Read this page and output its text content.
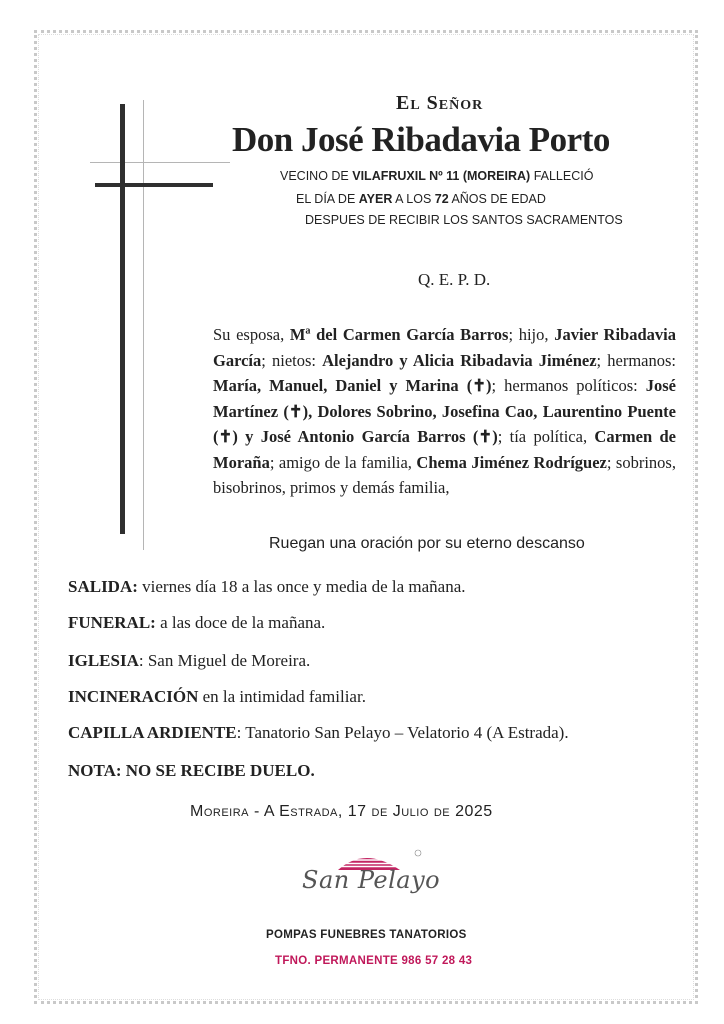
El Señor
Don José Ribadavia Porto
VECINO DE VILAFRUXIL Nº 11 (MOREIRA) FALLECIÓ
EL DÍA DE AYER A LOS 72 AÑOS DE EDAD
DESPUES DE RECIBIR LOS SANTOS SACRAMENTOS
Q. E. P. D.
Su esposa, Mª del Carmen García Barros; hijo, Javier Ribadavia García; nietos: Alejandro y Alicia Ribadavia Jiménez; hermanos: María, Manuel, Daniel y Marina (✝); hermanos políticos: José Martínez (✝), Dolores Sobrino, Josefina Cao, Laurentino Puente (✝) y José Antonio García Barros (✝); tía política, Carmen de Moraña; amigo de la familia, Chema Jiménez Rodríguez; sobrinos, bisobrinos, primos y demás familia,
Ruegan una oración por su eterno descanso
SALIDA: viernes día 18 a las once y media de la mañana.
FUNERAL: a las doce de la mañana.
IGLESIA: San Miguel de Moreira.
INCINERACIÓN en la intimidad familiar.
CAPILLA ARDIENTE: Tanatorio San Pelayo – Velatorio 4 (A Estrada).
NOTA: NO SE RECIBE DUELO.
Moreira - A Estrada, 17 de Julio de 2025
San Pelayo
POMPAS FUNEBRES TANATORIOS
TFNO. PERMANENTE 986 57 28 43
